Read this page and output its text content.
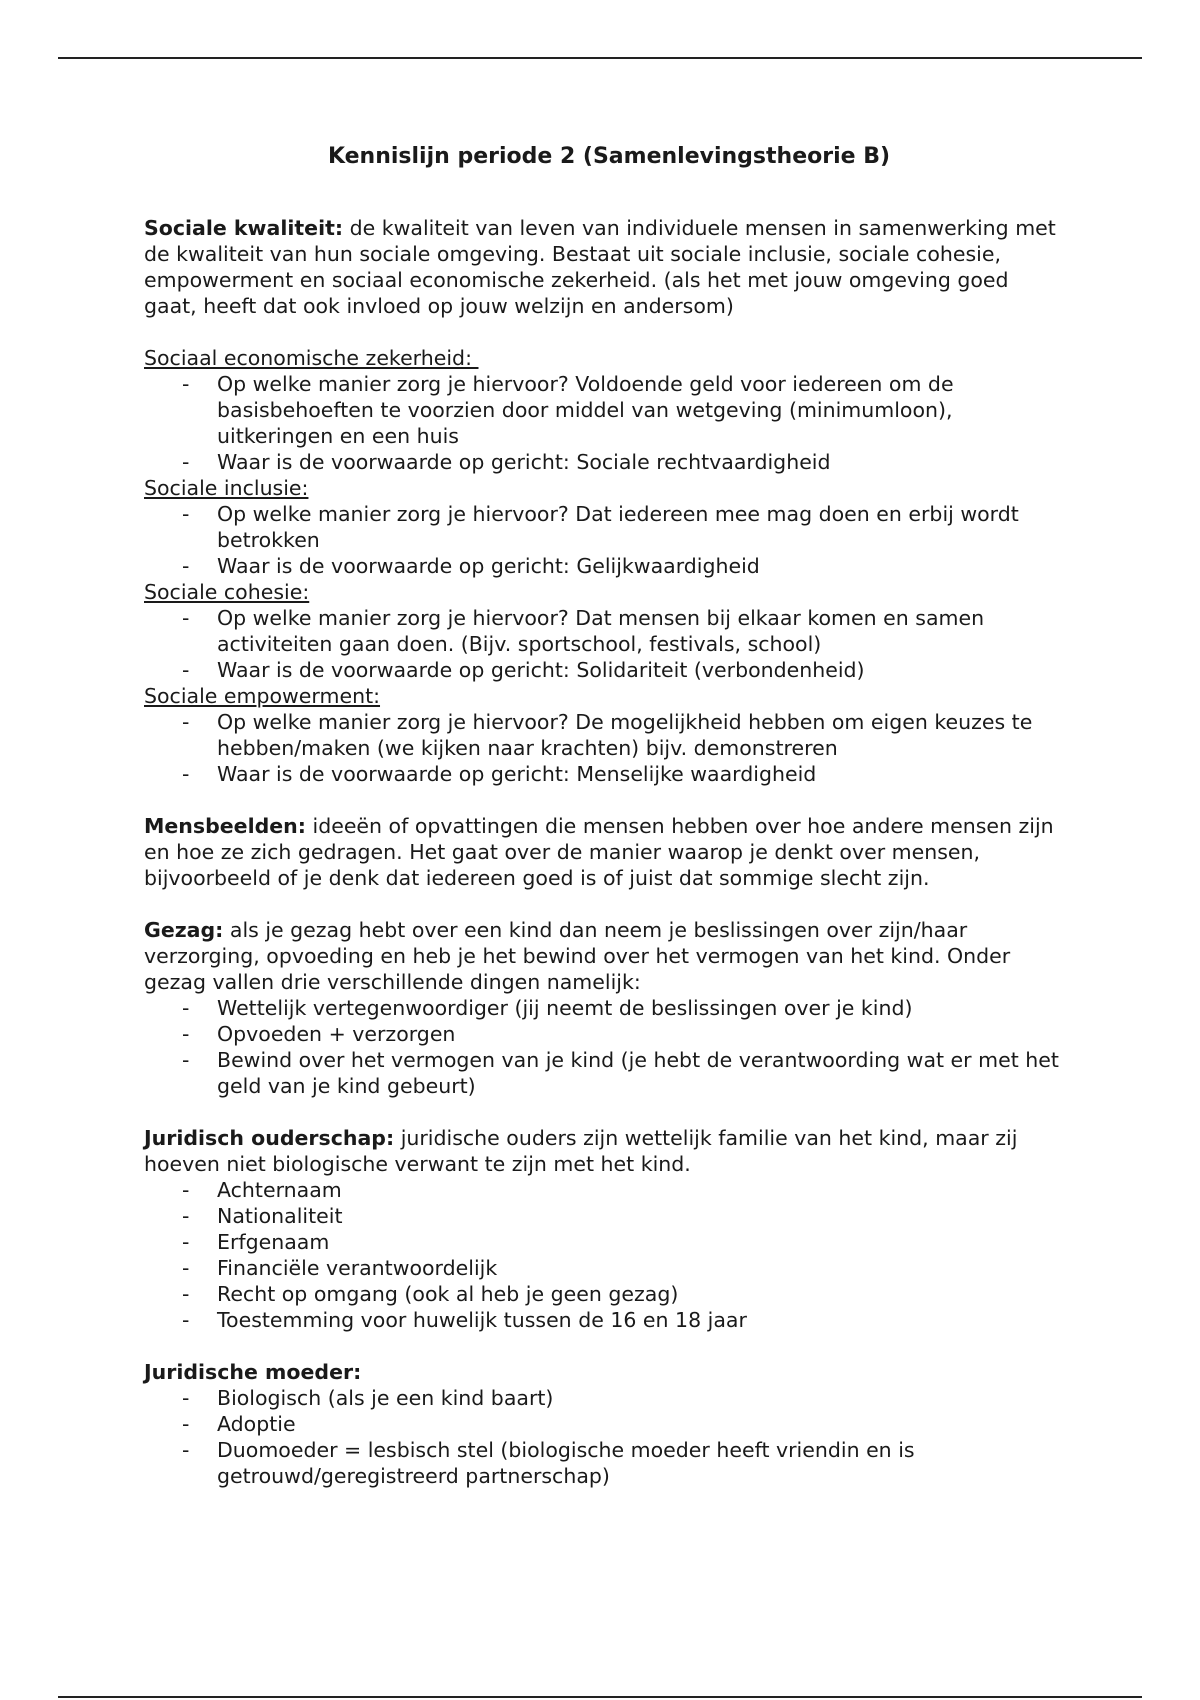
Kennislijn periode 2 (Samenlevingstheorie B)

Sociale kwaliteit: de kwaliteit van leven van individuele mensen in samenwerking met de kwaliteit van hun sociale omgeving. Bestaat uit sociale inclusie, sociale cohesie, empowerment en sociaal economische zekerheid. (als het met jouw omgeving goed gaat, heeft dat ook invloed op jouw welzijn en andersom)

Sociaal economische zekerheid:

- Op welke manier zorg je hiervoor? Voldoende geld voor iedereen om de basisbehoeften te voorzien door middel van wetgeving (minimumloon), uitkeringen en een huis
- Waar is de voorwaarde op gericht: Sociale rechtvaardigheid

Sociale inclusie:

- Op welke manier zorg je hiervoor? Dat iedereen mee mag doen en erbij wordt betrokken
- Waar is de voorwaarde op gericht: Gelijkwaardigheid

Sociale cohesie:

- Op welke manier zorg je hiervoor? Dat mensen bij elkaar komen en samen activiteiten gaan doen. (Bijv. sportschool, festivals, school)
- Waar is de voorwaarde op gericht: Solidariteit (verbondenheid)

Sociale empowerment:

- Op welke manier zorg je hiervoor? De mogelijkheid hebben om eigen keuzes te hebben/maken (we kijken naar krachten) bijv. demonstreren
- Waar is de voorwaarde op gericht: Menselijke waardigheid

Mensbeelden: ideeën of opvattingen die mensen hebben over hoe andere mensen zijn en hoe ze zich gedragen. Het gaat over de manier waarop je denkt over mensen, bijvoorbeeld of je denk dat iedereen goed is of juist dat sommige slecht zijn.

Gezag: als je gezag hebt over een kind dan neem je beslissingen over zijn/haar verzorging, opvoeding en heb je het bewind over het vermogen van het kind. Onder gezag vallen drie verschillende dingen namelijk:

- Wettelijk vertegenwoordiger (jij neemt de beslissingen over je kind)
- Opvoeden + verzorgen
- Bewind over het vermogen van je kind (je hebt de verantwoording wat er met het geld van je kind gebeurt)

Juridisch ouderschap: juridische ouders zijn wettelijk familie van het kind, maar zij hoeven niet biologische verwant te zijn met het kind.

- Achternaam
- Nationaliteit
- Erfgenaam
- Financiële verantwoordelijk
- Recht op omgang (ook al heb je geen gezag)
- Toestemming voor huwelijk tussen de 16 en 18 jaar

Juridische moeder:

- Biologisch (als je een kind baart)
- Adoptie
- Duomoeder = lesbisch stel (biologische moeder heeft vriendin en is getrouwd/geregistreerd partnerschap)
